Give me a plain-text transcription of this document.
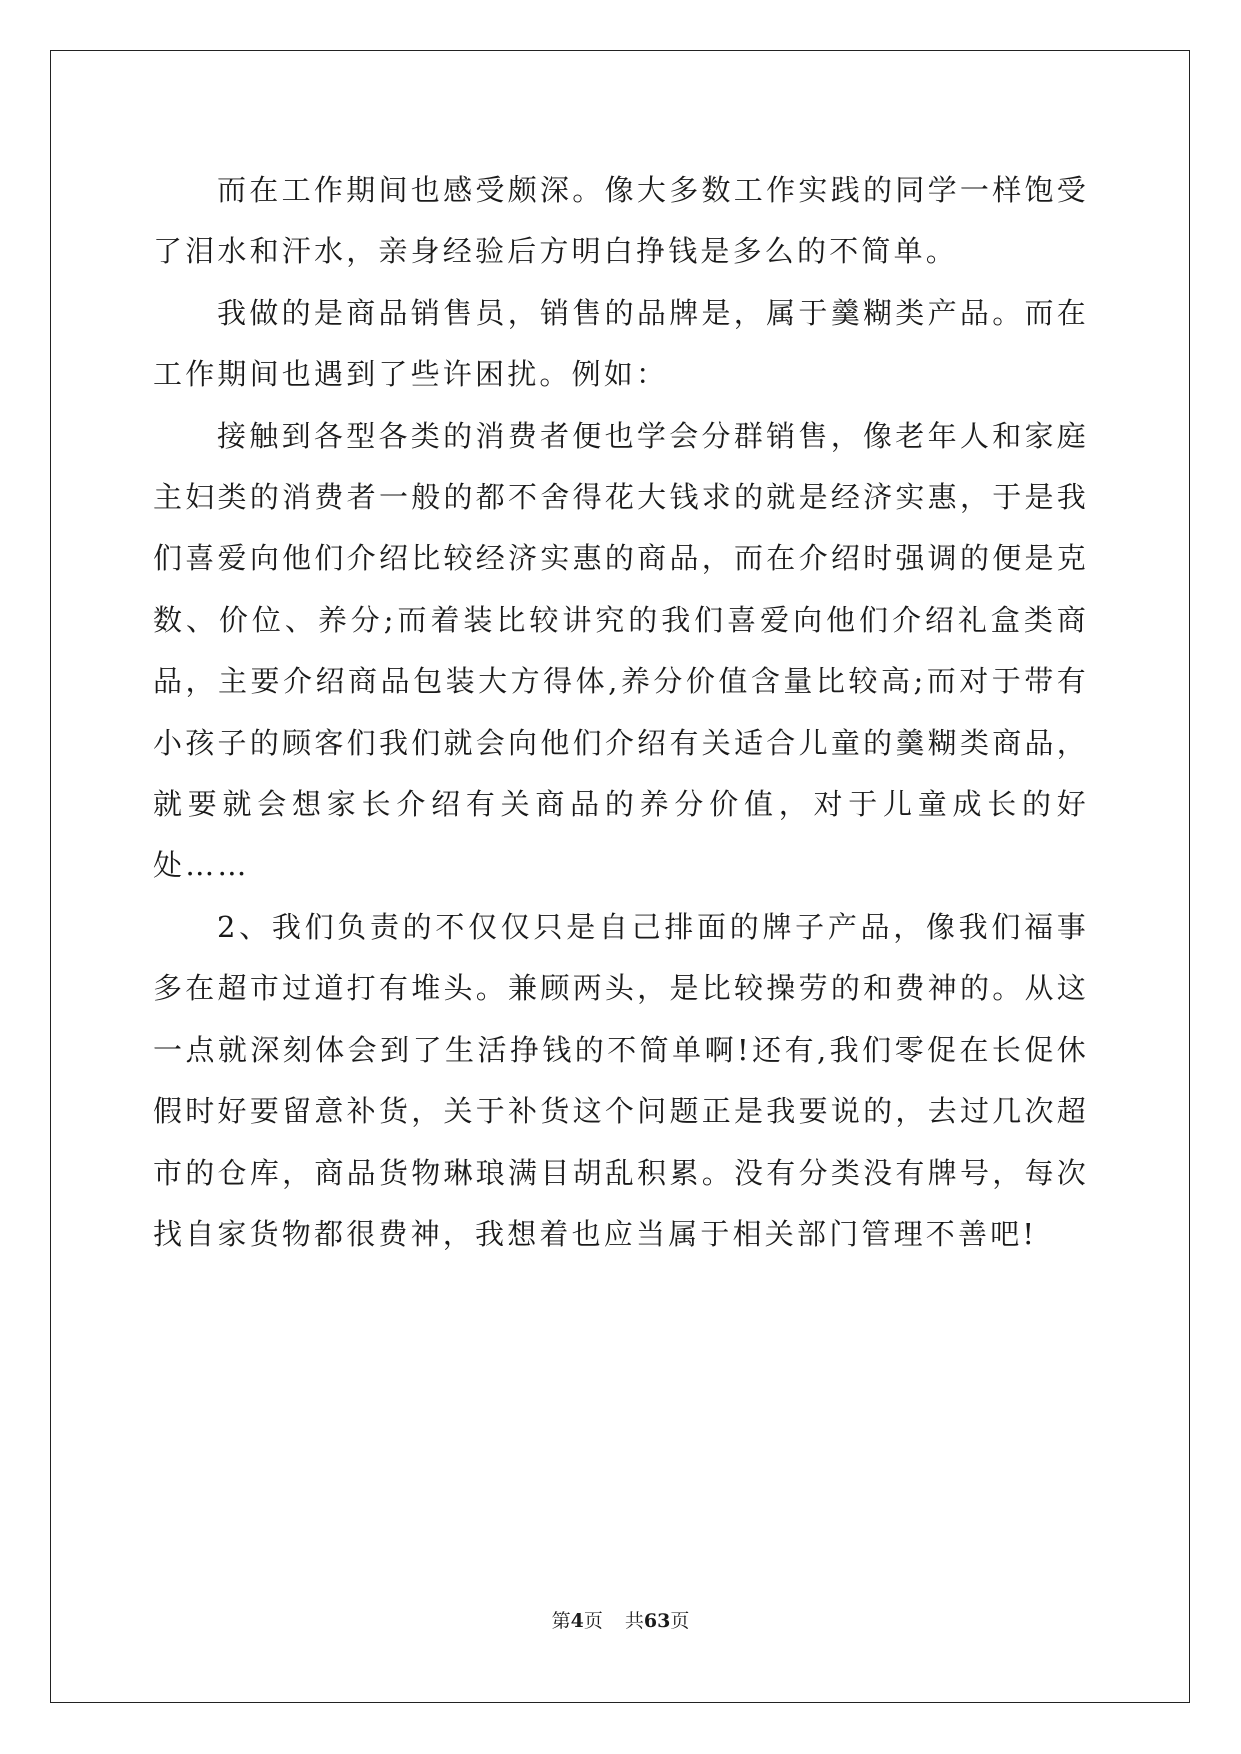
而在工作期间也感受颇深。像大多数工作实践的同学一样饱受了泪水和汗水，亲身经验后方明白挣钱是多么的不简单。

我做的是商品销售员，销售的品牌是，属于羹糊类产品。而在工作期间也遇到了些许困扰。例如：

接触到各型各类的消费者便也学会分群销售，像老年人和家庭主妇类的消费者一般的都不舍得花大钱求的就是经济实惠，于是我们喜爱向他们介绍比较经济实惠的商品，而在介绍时强调的便是克数、价位、养分;而着装比较讲究的我们喜爱向他们介绍礼盒类商品，主要介绍商品包装大方得体,养分价值含量比较高;而对于带有小孩子的顾客们我们就会向他们介绍有关适合儿童的羹糊类商品，就要就会想家长介绍有关商品的养分价值，对于儿童成长的好处……

2、我们负责的不仅仅只是自己排面的牌子产品，像我们福事多在超市过道打有堆头。兼顾两头，是比较操劳的和费神的。从这一点就深刻体会到了生活挣钱的不简单啊!还有,我们零促在长促休假时好要留意补货，关于补货这个问题正是我要说的，去过几次超市的仓库，商品货物琳琅满目胡乱积累。没有分类没有牌号，每次找自家货物都很费神，我想着也应当属于相关部门管理不善吧!

第4页 共63页
